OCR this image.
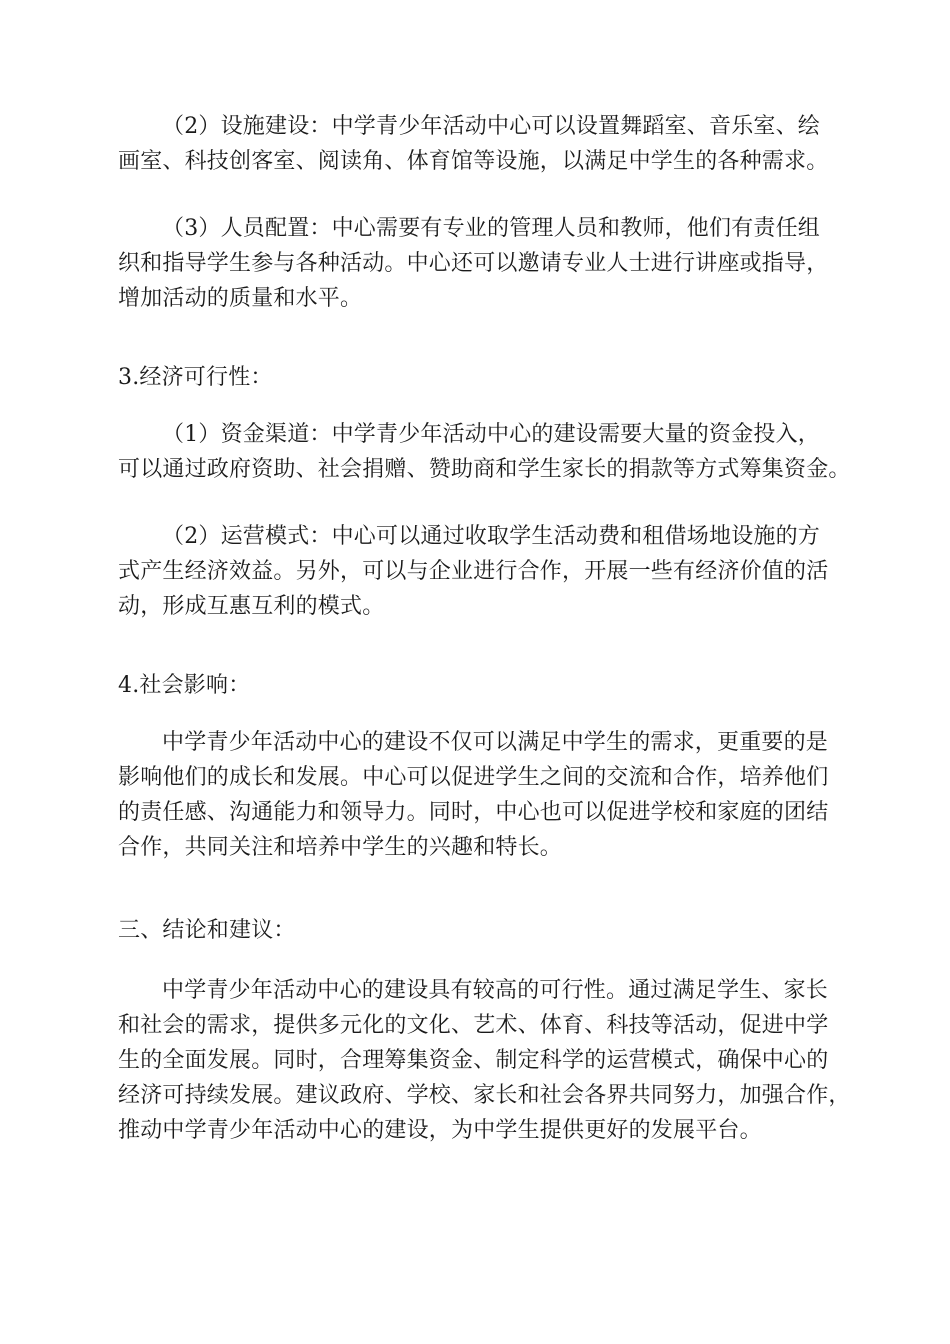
（2）设施建设：中学青少年活动中心可以设置舞蹈室、音乐室、绘
画室、科技创客室、阅读角、体育馆等设施，以满足中学生的各种需求。
（3）人员配置：中心需要有专业的管理人员和教师，他们有责任组
织和指导学生参与各种活动。中心还可以邀请专业人士进行讲座或指导，
增加活动的质量和水平。
3.经济可行性：
（1）资金渠道：中学青少年活动中心的建设需要大量的资金投入，
可以通过政府资助、社会捐赠、赞助商和学生家长的捐款等方式筹集资金。
（2）运营模式：中心可以通过收取学生活动费和租借场地设施的方
式产生经济效益。另外，可以与企业进行合作，开展一些有经济价值的活
动，形成互惠互利的模式。
4.社会影响：
中学青少年活动中心的建设不仅可以满足中学生的需求，更重要的是
影响他们的成长和发展。中心可以促进学生之间的交流和合作，培养他们
的责任感、沟通能力和领导力。同时，中心也可以促进学校和家庭的团结
合作，共同关注和培养中学生的兴趣和特长。
三、结论和建议：
中学青少年活动中心的建设具有较高的可行性。通过满足学生、家长
和社会的需求，提供多元化的文化、艺术、体育、科技等活动，促进中学
生的全面发展。同时，合理筹集资金、制定科学的运营模式，确保中心的
经济可持续发展。建议政府、学校、家长和社会各界共同努力，加强合作，
推动中学青少年活动中心的建设，为中学生提供更好的发展平台。
